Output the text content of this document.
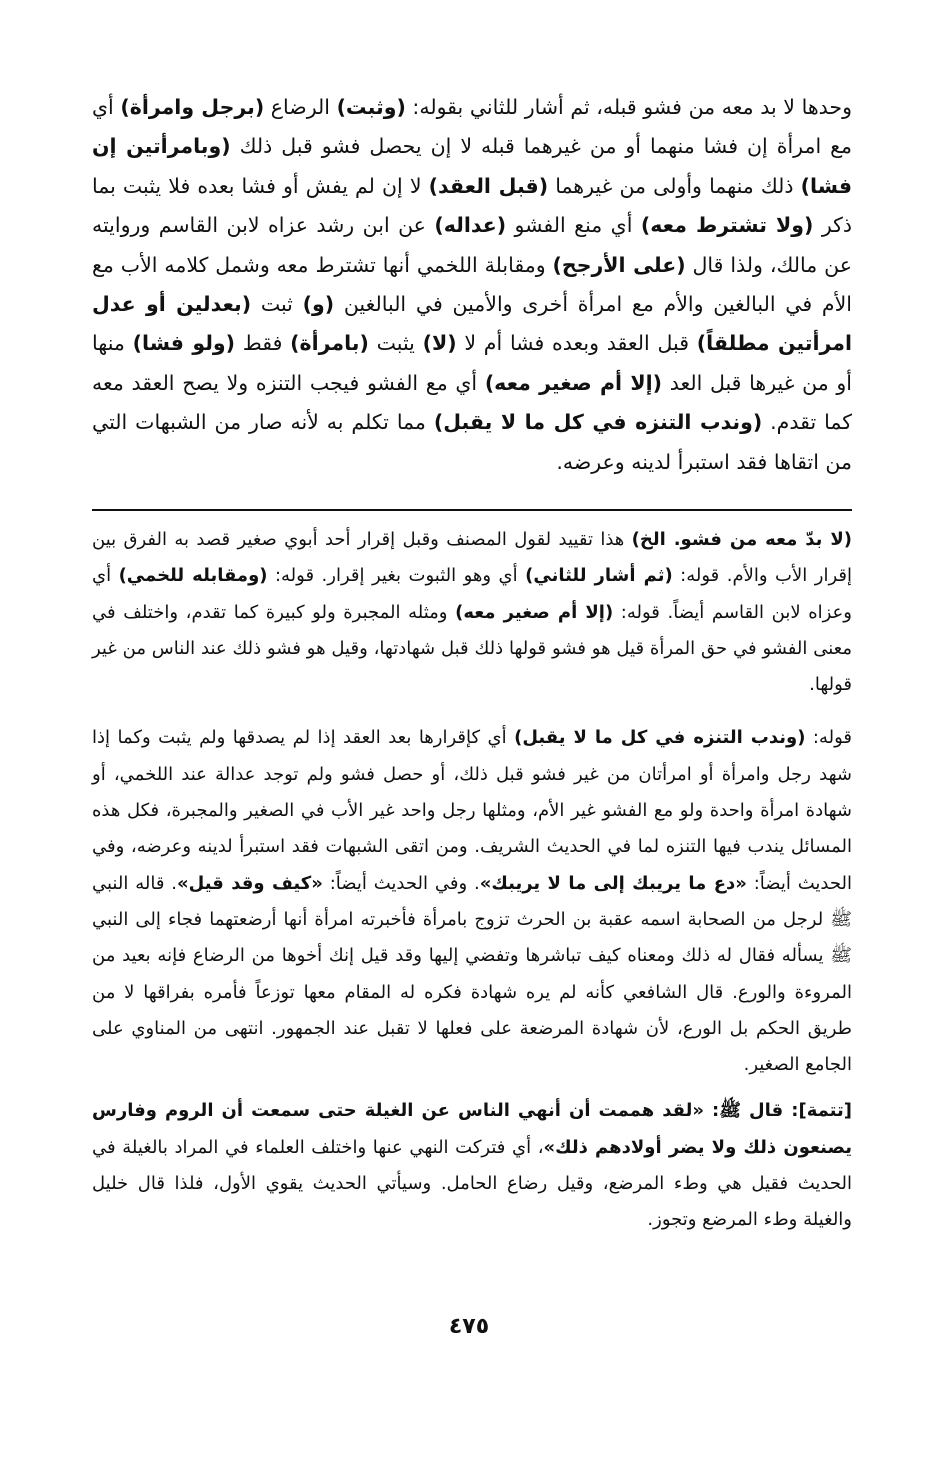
وحدها لا بد معه من فشو قبله، ثم أشار للثاني بقوله: (وثبت) الرضاع (برجل وامرأة) أي مع امرأة إن فشا منهما أو من غيرهما قبله لا إن يحصل فشو قبل ذلك (وبامرأتين إن فشا) ذلك منهما وأولى من غيرهما (قبل العقد) لا إن لم يفش أو فشا بعده فلا يثبت بما ذكر (ولا تشترط معه) أي منع الفشو (عداله) عن ابن رشد عزاه لابن القاسم وروايته عن مالك، ولذا قال (على الأرجح) ومقابلة اللخمي أنها تشترط معه وشمل كلامه الأب مع الأم في البالغين والأم مع امرأة أخرى والأمين في البالغين (و) ثبت (بعدلين أو عدل امرأتين مطلقاً) قبل العقد وبعده فشا أم لا (لا) يثبت (بامرأة) فقط (ولو فشا) منها أو من غيرها قبل العد (إلا أم صغير معه) أي مع الفشو فيجب التنزه ولا يصح العقد معه كما تقدم. (وندب التنزه في كل ما لا يقبل) مما تكلم به لأنه صار من الشبهات التي من اتقاها فقد استبرأ لدينه وعرضه.

(لا بدّ معه من فشو. الخ) هذا تقييد لقول المصنف وقبل إقرار أحد أبوي صغير قصد به الفرق بين إقرار الأب والأم. قوله: (ثم أشار للثاني) أي وهو الثبوت بغير إقرار. قوله: (ومقابله للخمي) أي وعزاه لابن القاسم أيضاً. قوله: (إلا أم صغير معه) ومثله المجبرة ولو كبيرة كما تقدم، واختلف في معنى الفشو في حق المرأة قيل هو فشو قولها ذلك قبل شهادتها، وقيل هو فشو ذلك عند الناس من غير قولها.

قوله: (وندب التنزه في كل ما لا يقبل) أي كإقرارها بعد العقد إذا لم يصدقها ولم يثبت وكما إذا شهد رجل وامرأة أو امرأتان من غير فشو قبل ذلك، أو حصل فشو ولم توجد عدالة عند اللخمي، أو شهادة امرأة واحدة ولو مع الفشو غير الأم، ومثلها رجل واحد غير الأب في الصغير والمجبرة، فكل هذه المسائل يندب فيها التنزه لما في الحديث الشريف. ومن اتقى الشبهات فقد استبرأ لدينه وعرضه، وفي الحديث أيضاً: «دع ما يريبك إلى ما لا يريبك». وفي الحديث أيضاً: «كيف وقد قيل». قاله النبي ﷺ لرجل من الصحابة اسمه عقبة بن الحرث تزوج بامرأة فأخبرته امرأة أنها أرضعتهما فجاء إلى النبي ﷺ يسأله فقال له ذلك ومعناه كيف تباشرها وتفضي إليها وقد قيل إنك أخوها من الرضاع فإنه بعيد من المروءة والورع. قال الشافعي كأنه لم يره شهادة فكره له المقام معها توزعاً فأمره بفراقها لا من طريق الحكم بل الورع، لأن شهادة المرضعة على فعلها لا تقبل عند الجمهور. انتهى من المناوي على الجامع الصغير.

[تتمة]: قال ﷺ: «لقد هممت أن أنهي الناس عن الغيلة حتى سمعت أن الروم وفارس يصنعون ذلك ولا يضر أولادهم ذلك»، أي فتركت النهي عنها واختلف العلماء في المراد بالغيلة في الحديث فقيل هي وطء المرضع، وقيل رضاع الحامل. وسيأتي الحديث يقوي الأول، فلذا قال خليل والغيلة وطء المرضع وتجوز.

٤٧٥
